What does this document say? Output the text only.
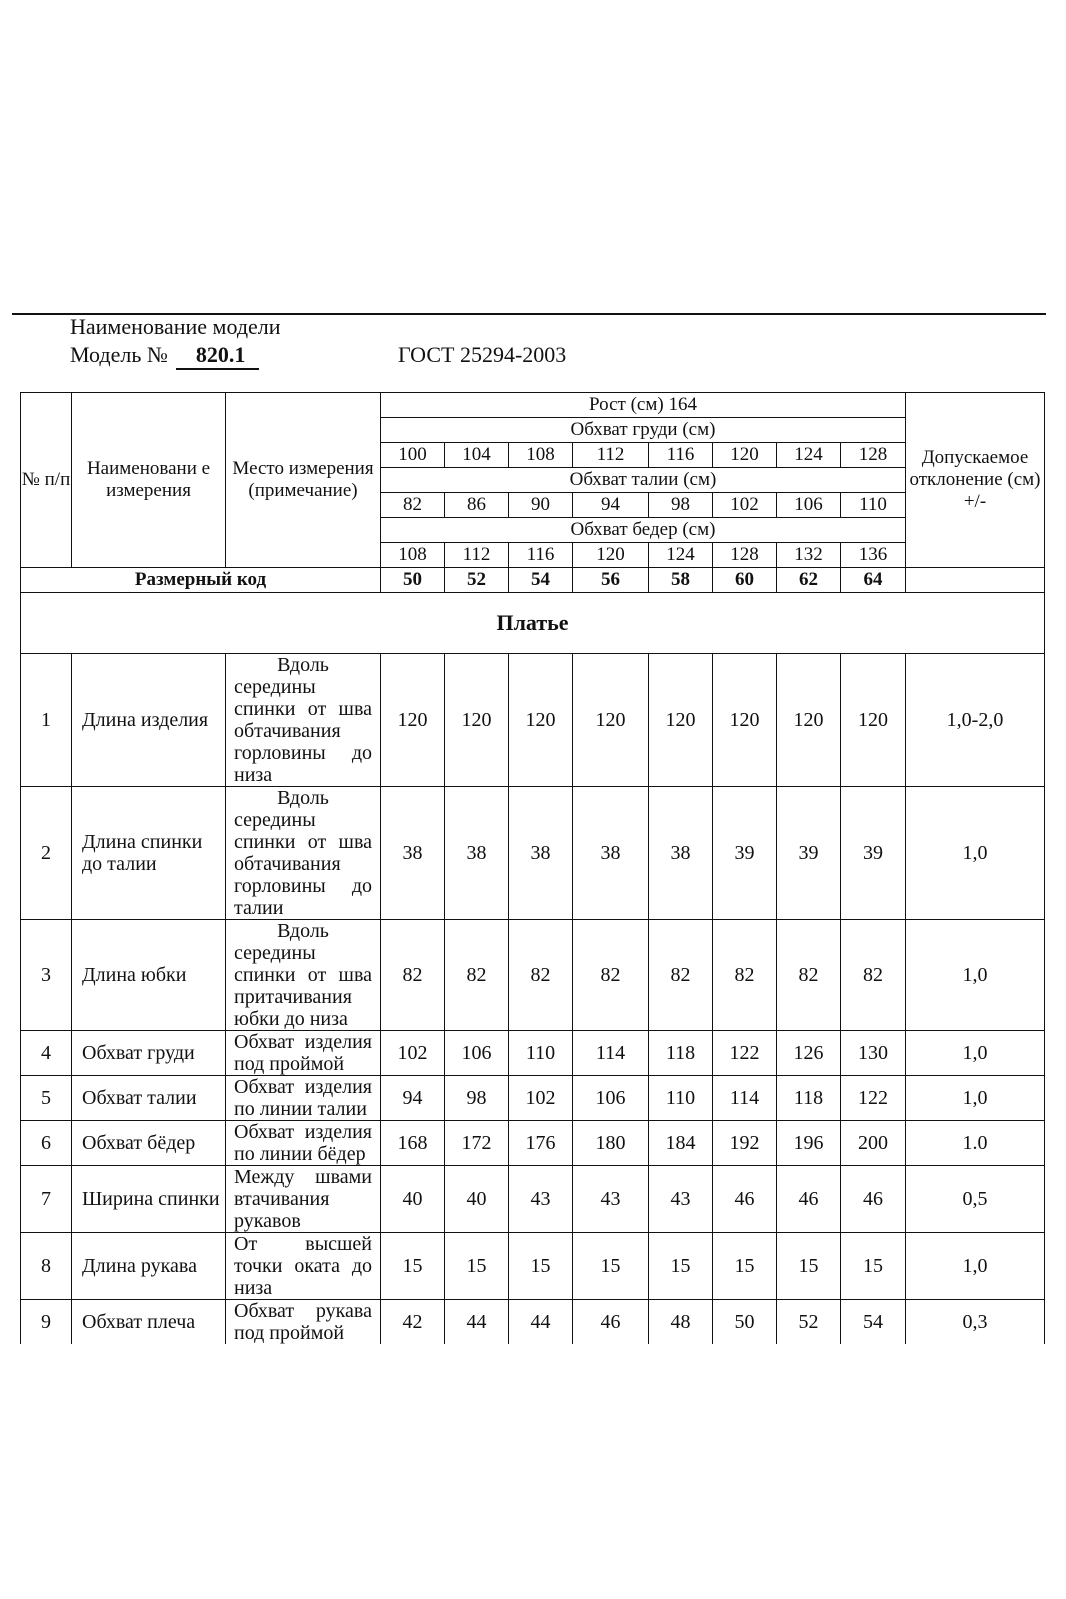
Наименование модели
Модель № 820.1	ГОСТ 25294-2003
№ п/п	Наименовани е измерения	Место измерения (примечание)	Рост (см) 164								Допускаемое отклонение (см) +/-
			Обхват груди (см)								
			100	104	108	112	116	120	124	128	
			Обхват талии (см)								
			82	86	90	94	98	102	106	110	
			Обхват бедер (см)								
			108	112	116	120	124	128	132	136	
Размерный код			50	52	54	56	58	60	62	64	
Платье											
1	Длина изделия	Вдоль середины
спинки от шва
обтачивания
горловины до
низа	120	120	120	120	120	120	120	120	1,0-2,0
2	Длина спинки до талии	Вдоль середины
спинки от шва
обтачивания
горловины до
талии	38	38	38	38	38	39	39	39	1,0
3	Длина юбки	Вдоль середины
спинки от шва
притачивания
юбки до низа	82	82	82	82	82	82	82	82	1,0
4	Обхват груди	Обхват изделия
под проймой	102	106	110	114	118	122	126	130	1,0
5	Обхват талии	Обхват изделия
по линии талии	94	98	102	106	110	114	118	122	1,0
6	Обхват бёдер	Обхват изделия
по линии бёдер	168	172	176	180	184	192	196	200	1.0
7	Ширина спинки	Между швами
втачивания
рукавов	40	40	43	43	43	46	46	46	0,5
8	Длина рукава	От высшей
точки оката до
низа	15	15	15	15	15	15	15	15	1,0
9	Обхват плеча	Обхват рукава
под проймой	42	44	44	46	48	50	52	54	0,3
